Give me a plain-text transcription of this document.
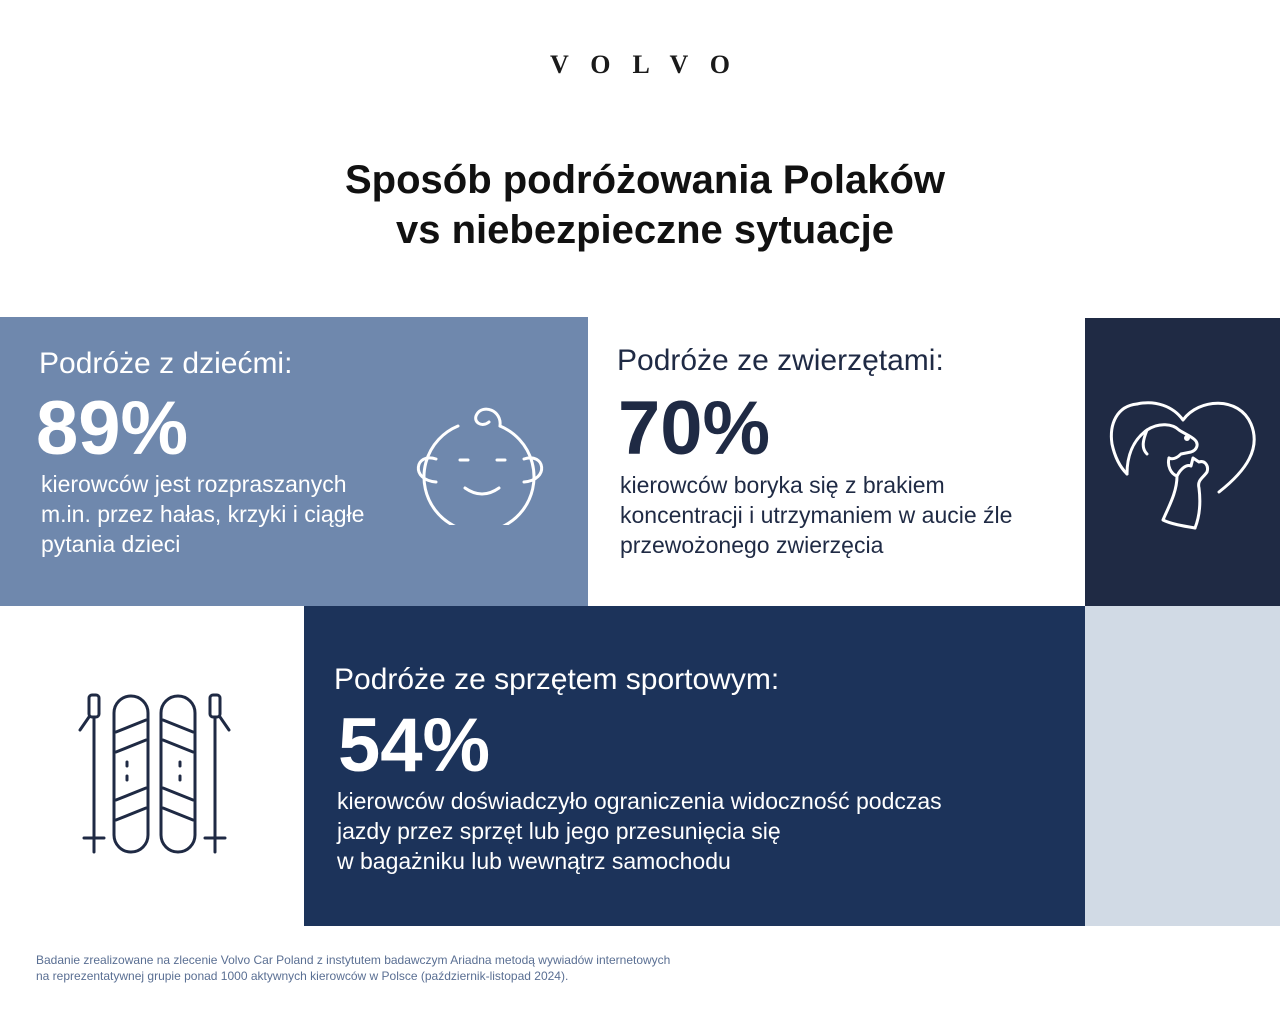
VOLVO
Sposób podróżowania Polaków
vs niebezpieczne sytuacje
Podróże z dziećmi:
89%
kierowców jest rozpraszanych
m.in. przez hałas, krzyki i ciągłe
pytania dzieci
Podróże ze zwierzętami:
70%
kierowców boryka się z brakiem
koncentracji i utrzymaniem w aucie źle
przewożonego zwierzęcia
Podróże ze sprzętem sportowym:
54%
kierowców doświadczyło ograniczenia widoczność podczas
jazdy przez sprzęt lub jego przesunięcia się
w bagażniku lub wewnątrz samochodu
Badanie zrealizowane na zlecenie Volvo Car Poland z instytutem badawczym Ariadna metodą wywiadów internetowych
na reprezentatywnej grupie ponad 1000 aktywnych kierowców w Polsce (październik-listopad 2024).
